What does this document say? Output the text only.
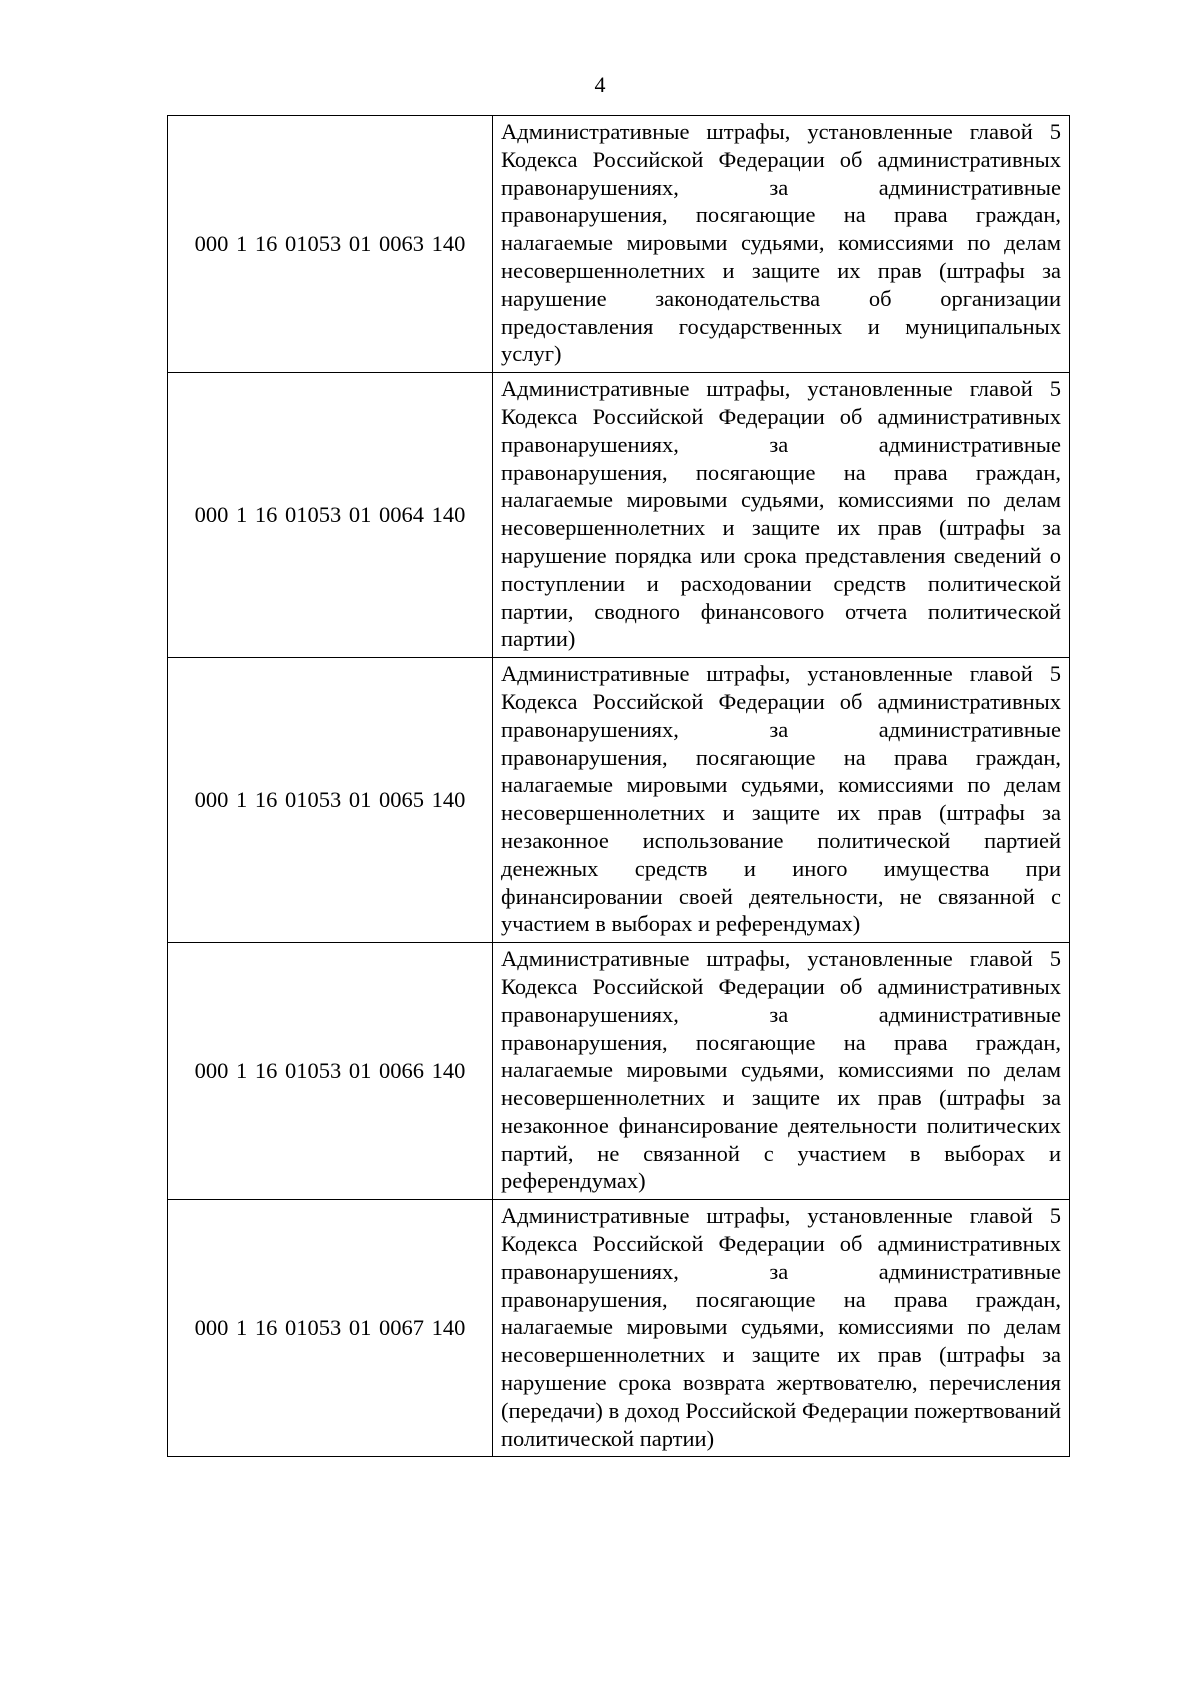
4
000 1 16 01053 01 0063 140	Административные штрафы, установленные главой 5 Кодекса Российской Федерации об административных правонарушениях, за административные правонарушения, посягающие на права граждан, налагаемые мировыми судьями, комиссиями по делам несовершеннолетних и защите их прав (штрафы за нарушение законодательства об организации предоставления государственных и муниципальных услуг)
000 1 16 01053 01 0064 140	Административные штрафы, установленные главой 5 Кодекса Российской Федерации об административных правонарушениях, за административные правонарушения, посягающие на права граждан, налагаемые мировыми судьями, комиссиями по делам несовершеннолетних и защите их прав (штрафы за нарушение порядка или срока представления сведений о поступлении и расходовании средств политической партии, сводного финансового отчета политической партии)
000 1 16 01053 01 0065 140	Административные штрафы, установленные главой 5 Кодекса Российской Федерации об административных правонарушениях, за административные правонарушения, посягающие на права граждан, налагаемые мировыми судьями, комиссиями по делам несовершеннолетних и защите их прав (штрафы за незаконное использование политической партией денежных средств и иного имущества при финансировании своей деятельности, не связанной с участием в выборах и референдумах)
000 1 16 01053 01 0066 140	Административные штрафы, установленные главой 5 Кодекса Российской Федерации об административных правонарушениях, за административные правонарушения, посягающие на права граждан, налагаемые мировыми судьями, комиссиями по делам несовершеннолетних и защите их прав (штрафы за незаконное финансирование деятельности политических партий, не связанной с участием в выборах и референдумах)
000 1 16 01053 01 0067 140	Административные штрафы, установленные главой 5 Кодекса Российской Федерации об административных правонарушениях, за административные правонарушения, посягающие на права граждан, налагаемые мировыми судьями, комиссиями по делам несовершеннолетних и защите их прав (штрафы за нарушение срока возврата жертвователю, перечисления (передачи) в доход Российской Федерации пожертвований политической партии)
